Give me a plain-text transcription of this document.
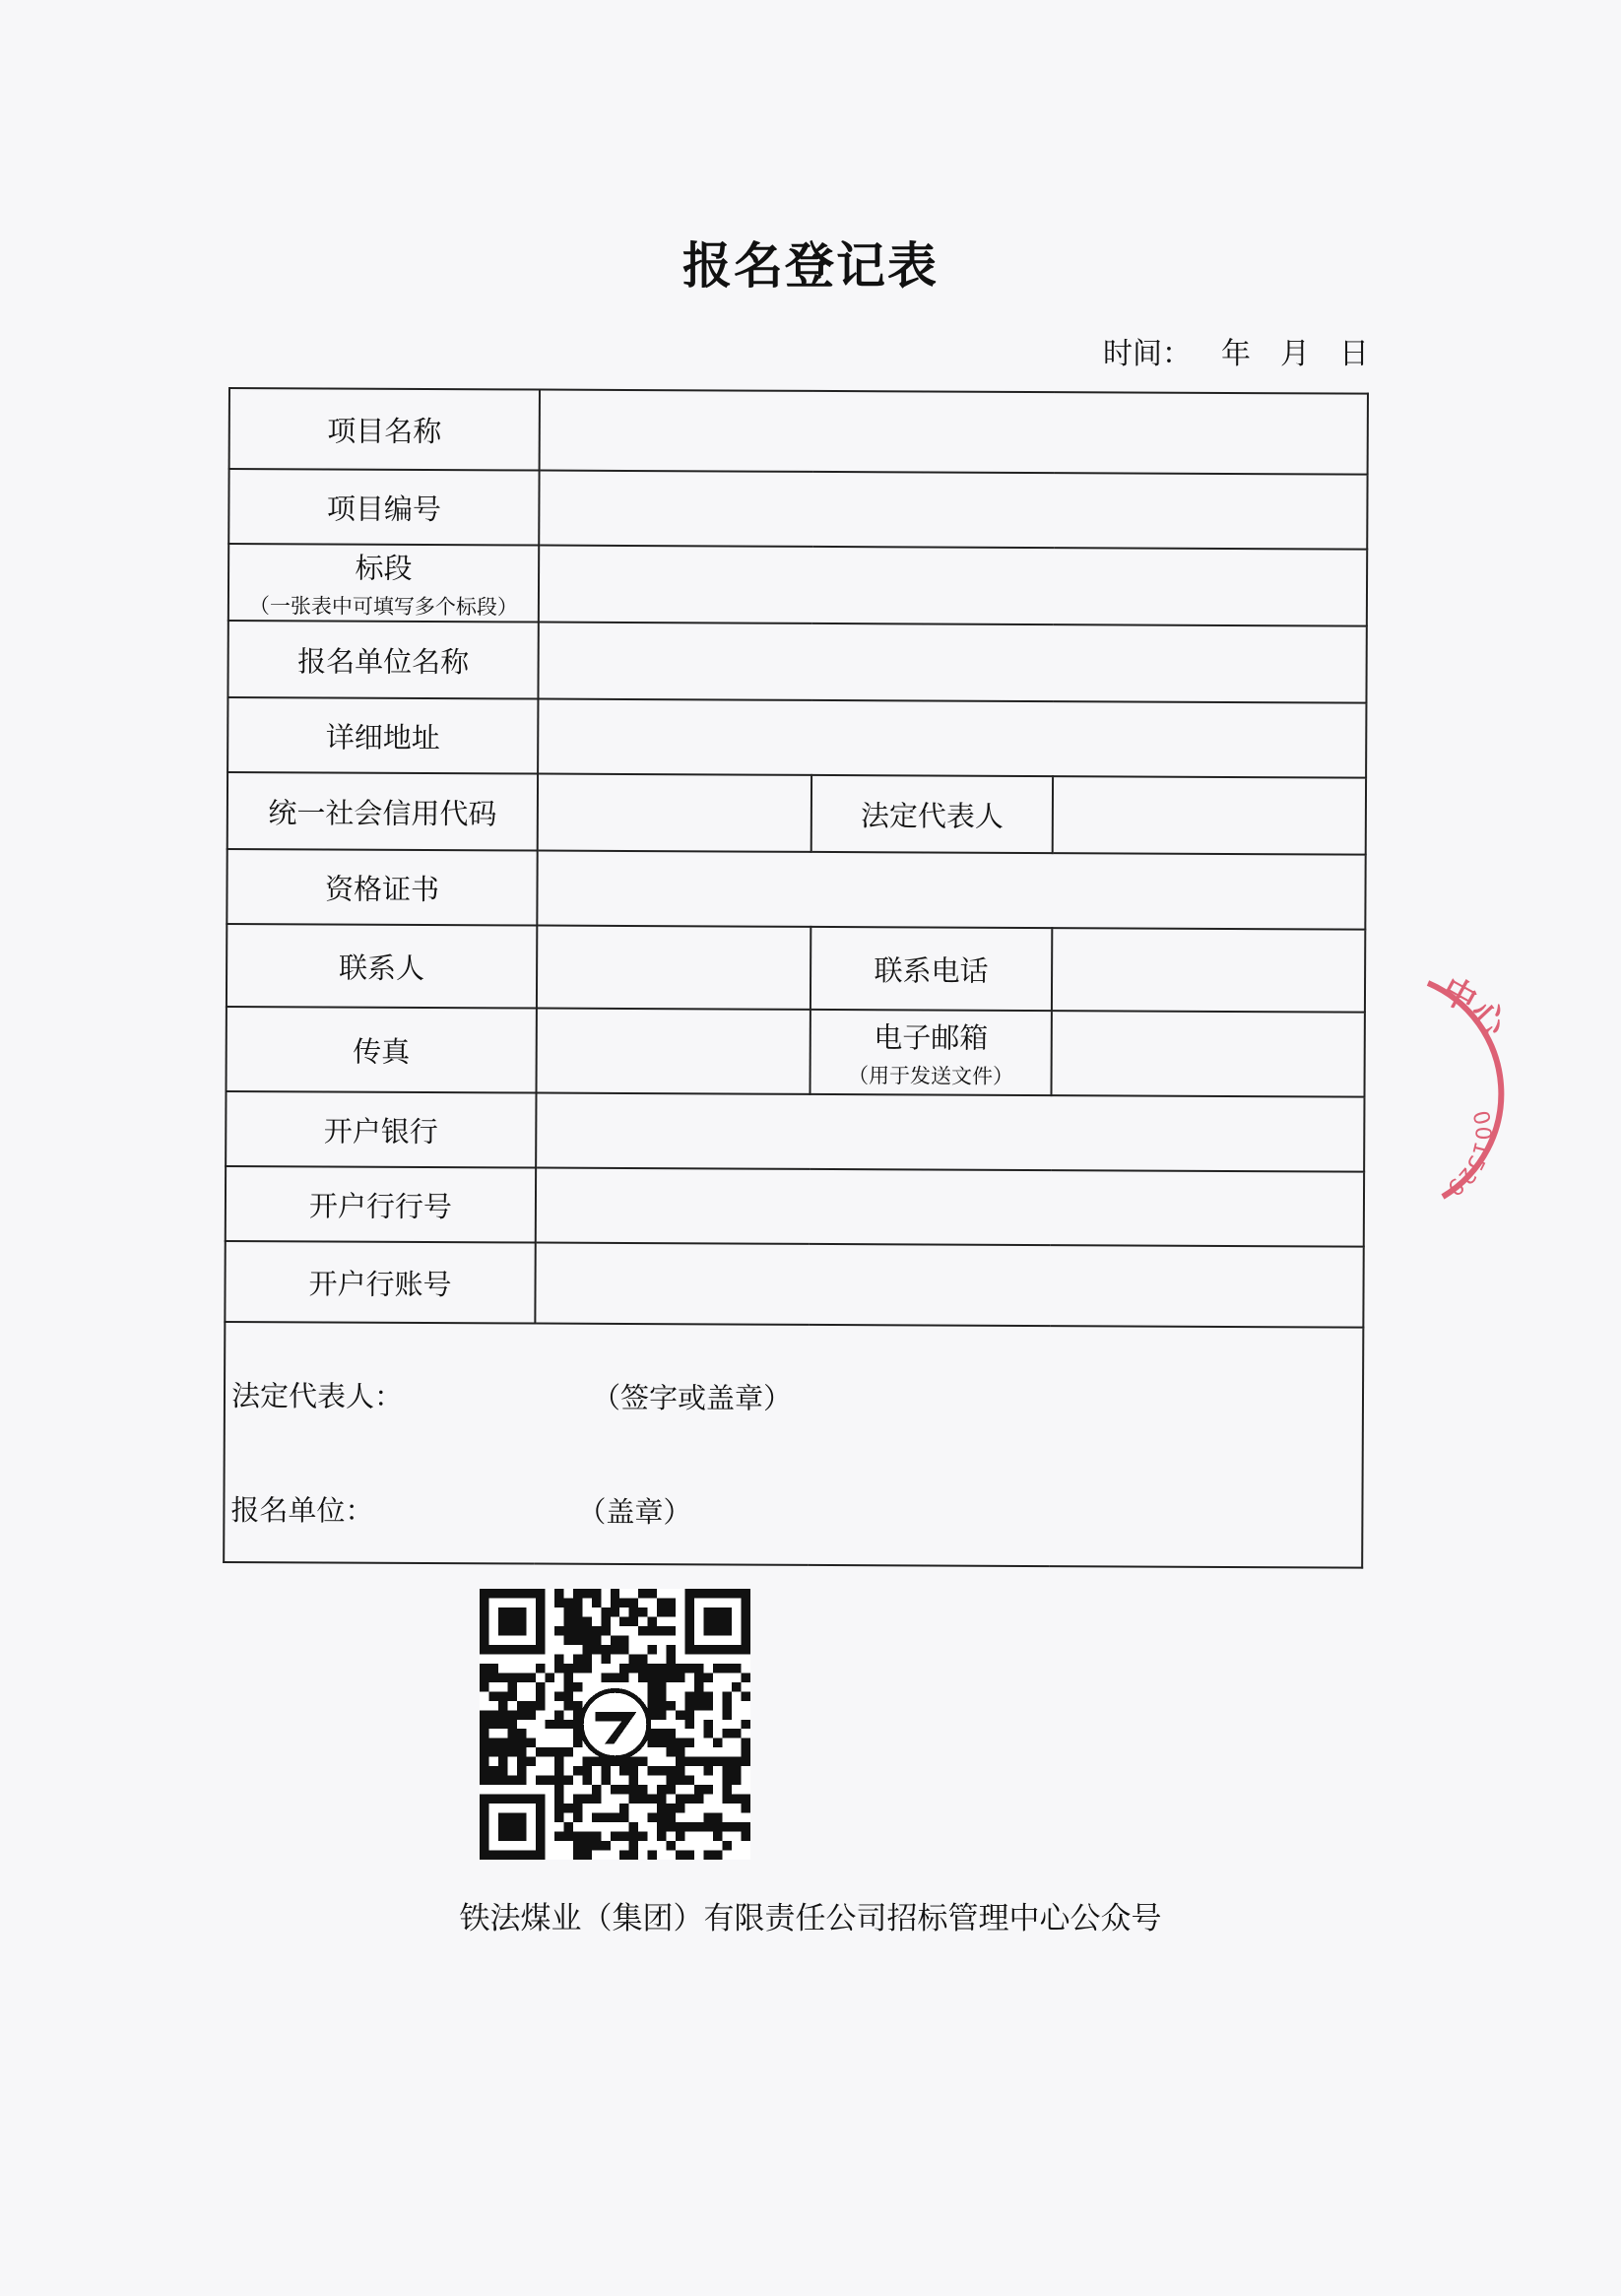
报名登记表
时间： 年 月 日
项目名称			
项目编号			
标段
（一张表中可填写多个标段）			

报名单位名称			
详细地址			
统一社会信用代码		法定代表人	
资格证书			
联系人		联系电话	
传真		电子邮箱
（用于发送文件）	

开户银行			
开户行行号			
开户行账号			

法定代表人： （签字或盖章）
报名单位： （盖章）			
中心
001529
铁法煤业（集团）有限责任公司招标管理中心公众号
